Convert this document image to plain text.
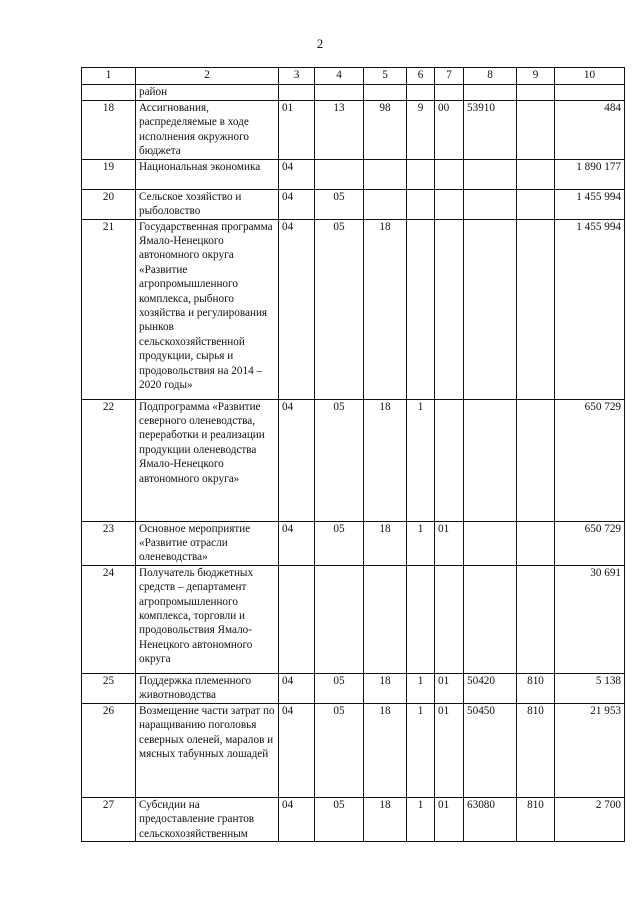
2
1	2	3	4	5	6	7	8	9	10
	район								
18	Ассигнования, распределяемые в ходе исполнения окружного бюджета	01	13	98	9	00	53910		484
19	Национальная экономика	04							1 890 177
20	Сельское хозяйство и рыболовство	04	05						1 455 994
21	Государственная программа Ямало-Ненецкого автономного округа «Развитие агропромышленного комплекса, рыбного хозяйства и регулирования рынков сельскохозяйственной продукции, сырья и продовольствия на 2014 – 2020 годы»	04	05	18					1 455 994
22	Подпрограмма «Развитие северного оленеводства, переработки и реализации продукции оленеводства Ямало-Ненецкого автономного округа»	04	05	18	1				650 729
23	Основное мероприятие «Развитие отрасли оленеводства»	04	05	18	1	01			650 729
24	Получатель бюджетных средств – департамент агропромышленного комплекса, торговли и продовольствия Ямало-Ненецкого автономного округа								30 691
25	Поддержка племенного животноводства	04	05	18	1	01	50420	810	5 138
26	Возмещение части затрат по наращиванию поголовья северных оленей, маралов и мясных табунных лошадей	04	05	18	1	01	50450	810	21 953
27	Субсидии на предоставление грантов сельскохозяйственным	04	05	18	1	01	63080	810	2 700
